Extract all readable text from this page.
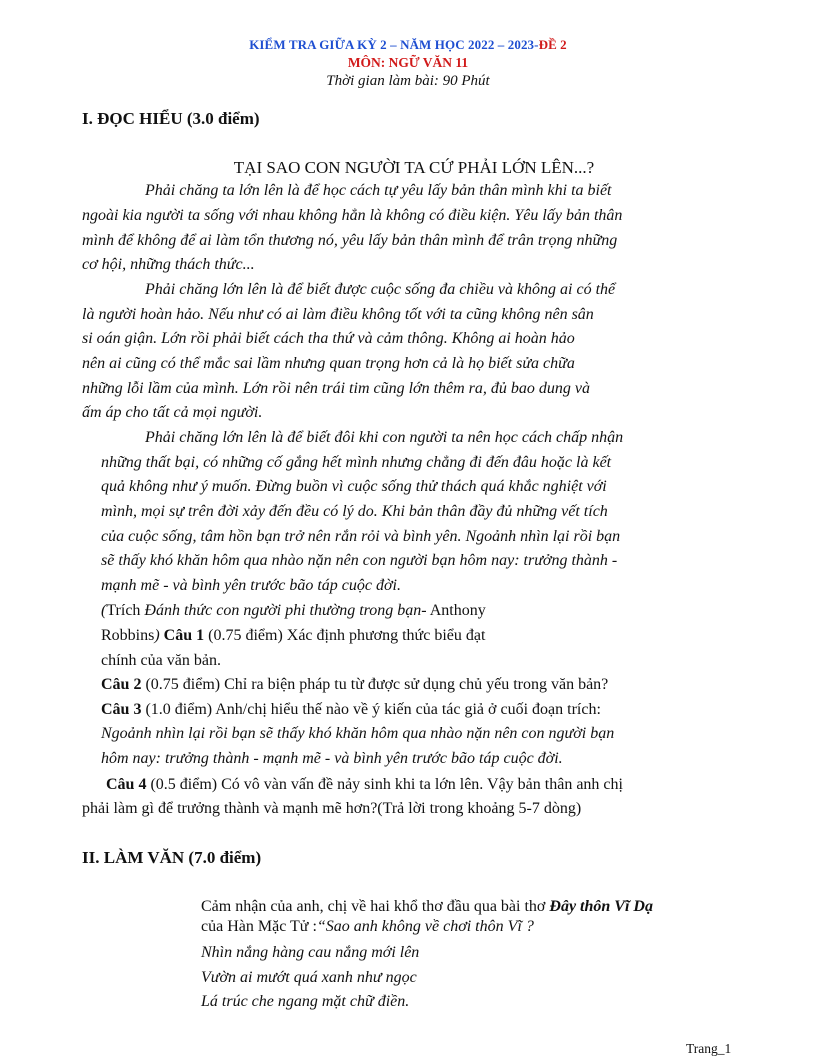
KIỂM TRA GIỮA KỲ 2 – NĂM HỌC 2022 – 2023-ĐỀ 2
MÔN: NGỮ VĂN 11
Thời gian làm bài: 90 Phút
I. ĐỌC HIỂU (3.0 điểm)
TẠI SAO CON NGƯỜI TA CỨ PHẢI LỚN LÊN...?
Phải chăng ta lớn lên là để học cách tự yêu lấy bản thân mình khi ta biết
ngoài kia người ta sống với nhau không hẳn là không có điều kiện. Yêu lấy bản thân
mình để không để ai làm tổn thương nó, yêu lấy bản thân mình để trân trọng những
cơ hội, những thách thức...
Phải chăng lớn lên là để biết được cuộc sống đa chiều và không ai có thể
là người hoàn hảo. Nếu như có ai làm điều không tốt với ta cũng không nên sân
si oán giận. Lớn rồi phải biết cách tha thứ và cảm thông. Không ai hoàn hảo
nên ai cũng có thể mắc sai lầm nhưng quan trọng hơn cả là họ biết sửa chữa
những lỗi lầm của mình. Lớn rồi nên trái tim cũng lớn thêm ra, đủ bao dung và
ấm áp cho tất cả mọi người.
Phải chăng lớn lên là để biết đôi khi con người ta nên học cách chấp nhận
những thất bại, có những cố gắng hết mình nhưng chẳng đi đến đâu hoặc là kết
quả không như ý muốn. Đừng buồn vì cuộc sống thử thách quá khắc nghiệt với
mình, mọi sự trên đời xảy đến đều có lý do. Khi bản thân đầy đủ những vết tích
của cuộc sống, tâm hồn bạn trở nên rắn rỏi và bình yên. Ngoảnh nhìn lại rồi bạn
sẽ thấy khó khăn hôm qua nhào nặn nên con người bạn hôm nay: trưởng thành -
mạnh mẽ - và bình yên trước bão táp cuộc đời.
(Trích Đánh thức con người phi thường trong bạn- Anthony
Robbins) Câu 1 (0.75 điểm) Xác định phương thức biểu đạt
chính của văn bản.
Câu 2 (0.75 điểm) Chỉ ra biện pháp tu từ được sử dụng chủ yếu trong văn bản?
Câu 3 (1.0 điểm) Anh/chị hiểu thế nào về ý kiến của tác giả ở cuối đoạn trích:
Ngoảnh nhìn lại rồi bạn sẽ thấy khó khăn hôm qua nhào nặn nên con người bạn
hôm nay: trưởng thành - mạnh mẽ - và bình yên trước bão táp cuộc đời.
Câu 4 (0.5 điểm) Có vô vàn vấn đề nảy sinh khi ta lớn lên. Vậy bản thân anh chị
phải làm gì để trưởng thành và mạnh mẽ hơn?(Trả lời trong khoảng 5-7 dòng)
II. LÀM VĂN (7.0 điểm)
Cảm nhận của anh, chị về hai khổ thơ đầu qua bài thơ Đây thôn Vĩ Dạ
của Hàn Mặc Tử :“Sao anh không về chơi thôn Vĩ ?
Nhìn nắng hàng cau nắng mới lên
Vườn ai mướt quá xanh như ngọc
Lá trúc che ngang mặt chữ điền.
Trang_1
